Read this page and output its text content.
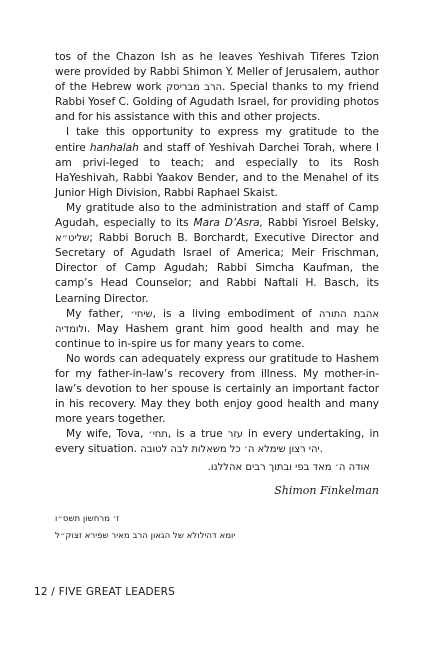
tos of the Chazon Ish as he leaves Yeshivah Tiferes Tzion were provided by Rabbi Shimon Y. Meller of Jerusalem, author of the Hebrew work הרב מבריסק. Special thanks to my friend Rabbi Yosef C. Golding of Agudath Israel, for providing photos and for his assistance with this and other projects.

I take this opportunity to express my gratitude to the entire hanhalah and staff of Yeshivah Darchei Torah, where I am privi-leged to teach; and especially to its Rosh HaYeshivah, Rabbi Yaakov Bender, and to the Menahel of its Junior High Division, Rabbi Raphael Skaist.

My gratitude also to the administration and staff of Camp Agudah, especially to its Mara D’Asra, Rabbi Yisroel Belsky, שליט״א; Rabbi Boruch B. Borchardt, Executive Director and Secretary of Agudath Israel of America; Meir Frischman, Director of Camp Agudah; Rabbi Simcha Kaufman, the camp’s Head Counselor; and Rabbi Naftali H. Basch, its Learning Director.

My father, שיחי׳, is a living embodiment of אהבת התורה ולומדיה. May Hashem grant him good health and may he continue to in-spire us for many years to come.

No words can adequately express our gratitude to Hashem for my father-in-law’s recovery from illness. My mother-in-law’s devotion to her spouse is certainly an important factor in his recovery. May they both enjoy good health and many more years together.

My wife, Tova, תחי׳, is a true עזר in every undertaking, in every situation. יהי רצון שימלא ה׳ כל משאלות לבה לטובה.

אודה ה׳ מאד בפי ובתוך רבים אהללנו.
Shimon Finkelman
ז׳ מרחשון תשס״ו
יומא דהילולא של הגאון הרב מאיר שפירא זצוק״ל
12 / FIVE GREAT LEADERS
